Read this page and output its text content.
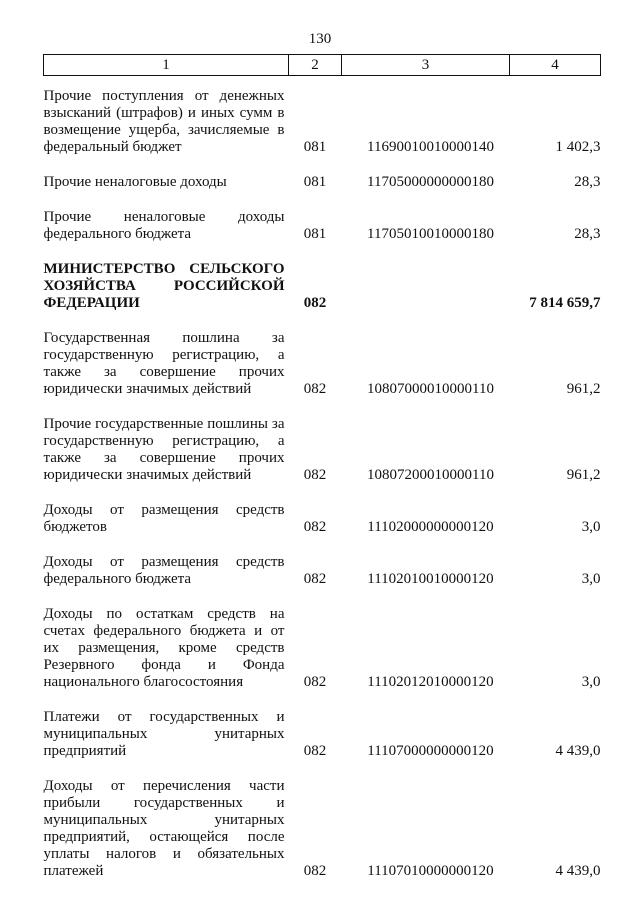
130
1	2	3	4
Прочие поступления от денежных взысканий (штрафов) и иных сумм в возмещение ущерба, зачисляемые в федеральный бюджет	081	11690010010000140	1 402,3
Прочие неналоговые доходы	081	11705000000000180	28,3
Прочие неналоговые доходы федерального бюджета	081	11705010010000180	28,3
МИНИСТЕРСТВО СЕЛЬСКОГО ХОЗЯЙСТВА РОССИЙСКОЙ ФЕДЕРАЦИИ	082		7 814 659,7
Государственная пошлина за государственную регистрацию, а также за совершение прочих юридически значимых действий	082	10807000010000110	961,2
Прочие государственные пошлины за государственную регистрацию, а также за совершение прочих юридически значимых действий	082	10807200010000110	961,2
Доходы от размещения средств бюджетов	082	11102000000000120	3,0
Доходы от размещения средств федерального бюджета	082	11102010010000120	3,0
Доходы по остаткам средств на счетах федерального бюджета и от их размещения, кроме средств Резервного фонда и Фонда национального благосостояния	082	11102012010000120	3,0
Платежи от государственных и муниципальных унитарных предприятий	082	11107000000000120	4 439,0
Доходы от перечисления части прибыли государственных и муниципальных унитарных предприятий, остающейся после уплаты налогов и обязательных платежей	082	11107010000000120	4 439,0
